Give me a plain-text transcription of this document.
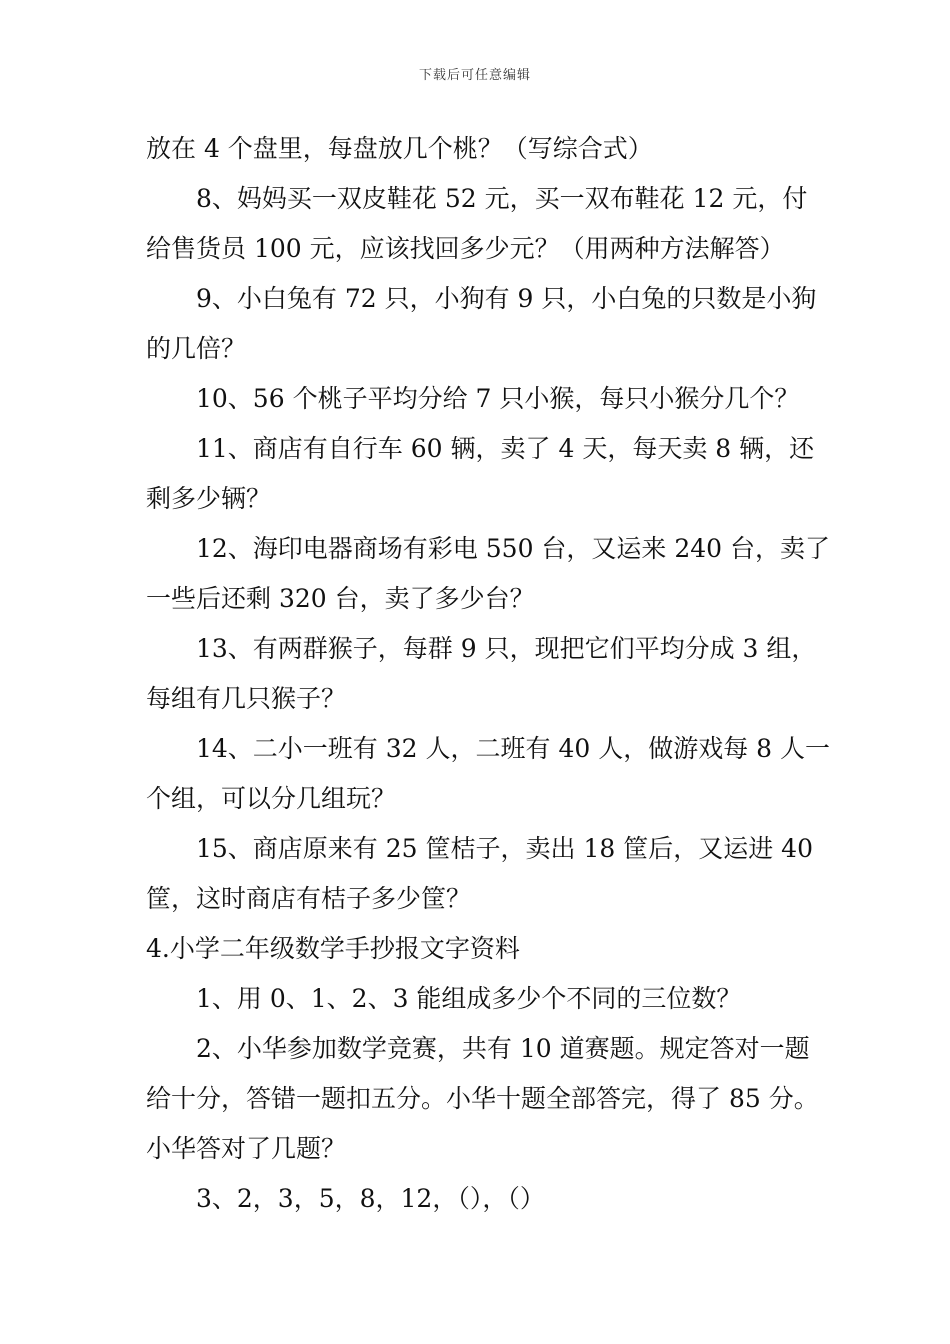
下载后可任意编辑
放在 4 个盘里，每盘放几个桃？（写综合式）
8、妈妈买一双皮鞋花 52 元，买一双布鞋花 12 元，付
给售货员 100 元，应该找回多少元？（用两种方法解答）
9、小白兔有 72 只，小狗有 9 只，小白兔的只数是小狗
的几倍？
10、56 个桃子平均分给 7 只小猴，每只小猴分几个？
11、商店有自行车 60 辆，卖了 4 天，每天卖 8 辆，还
剩多少辆？
12、海印电器商场有彩电 550 台，又运来 240 台，卖了
一些后还剩 320 台，卖了多少台？
13、有两群猴子，每群 9 只，现把它们平均分成 3 组，
每组有几只猴子？
14、二小一班有 32 人，二班有 40 人，做游戏每 8 人一
个组，可以分几组玩？
15、商店原来有 25 筐桔子，卖出 18 筐后，又运进 40
筐，这时商店有桔子多少筐？
4.小学二年级数学手抄报文字资料
1、用 0、1、2、3 能组成多少个不同的三位数？
2、小华参加数学竞赛，共有 10 道赛题。规定答对一题
给十分，答错一题扣五分。小华十题全部答完，得了 85 分。
小华答对了几题？
3、2，3，5，8，12，（），（）
